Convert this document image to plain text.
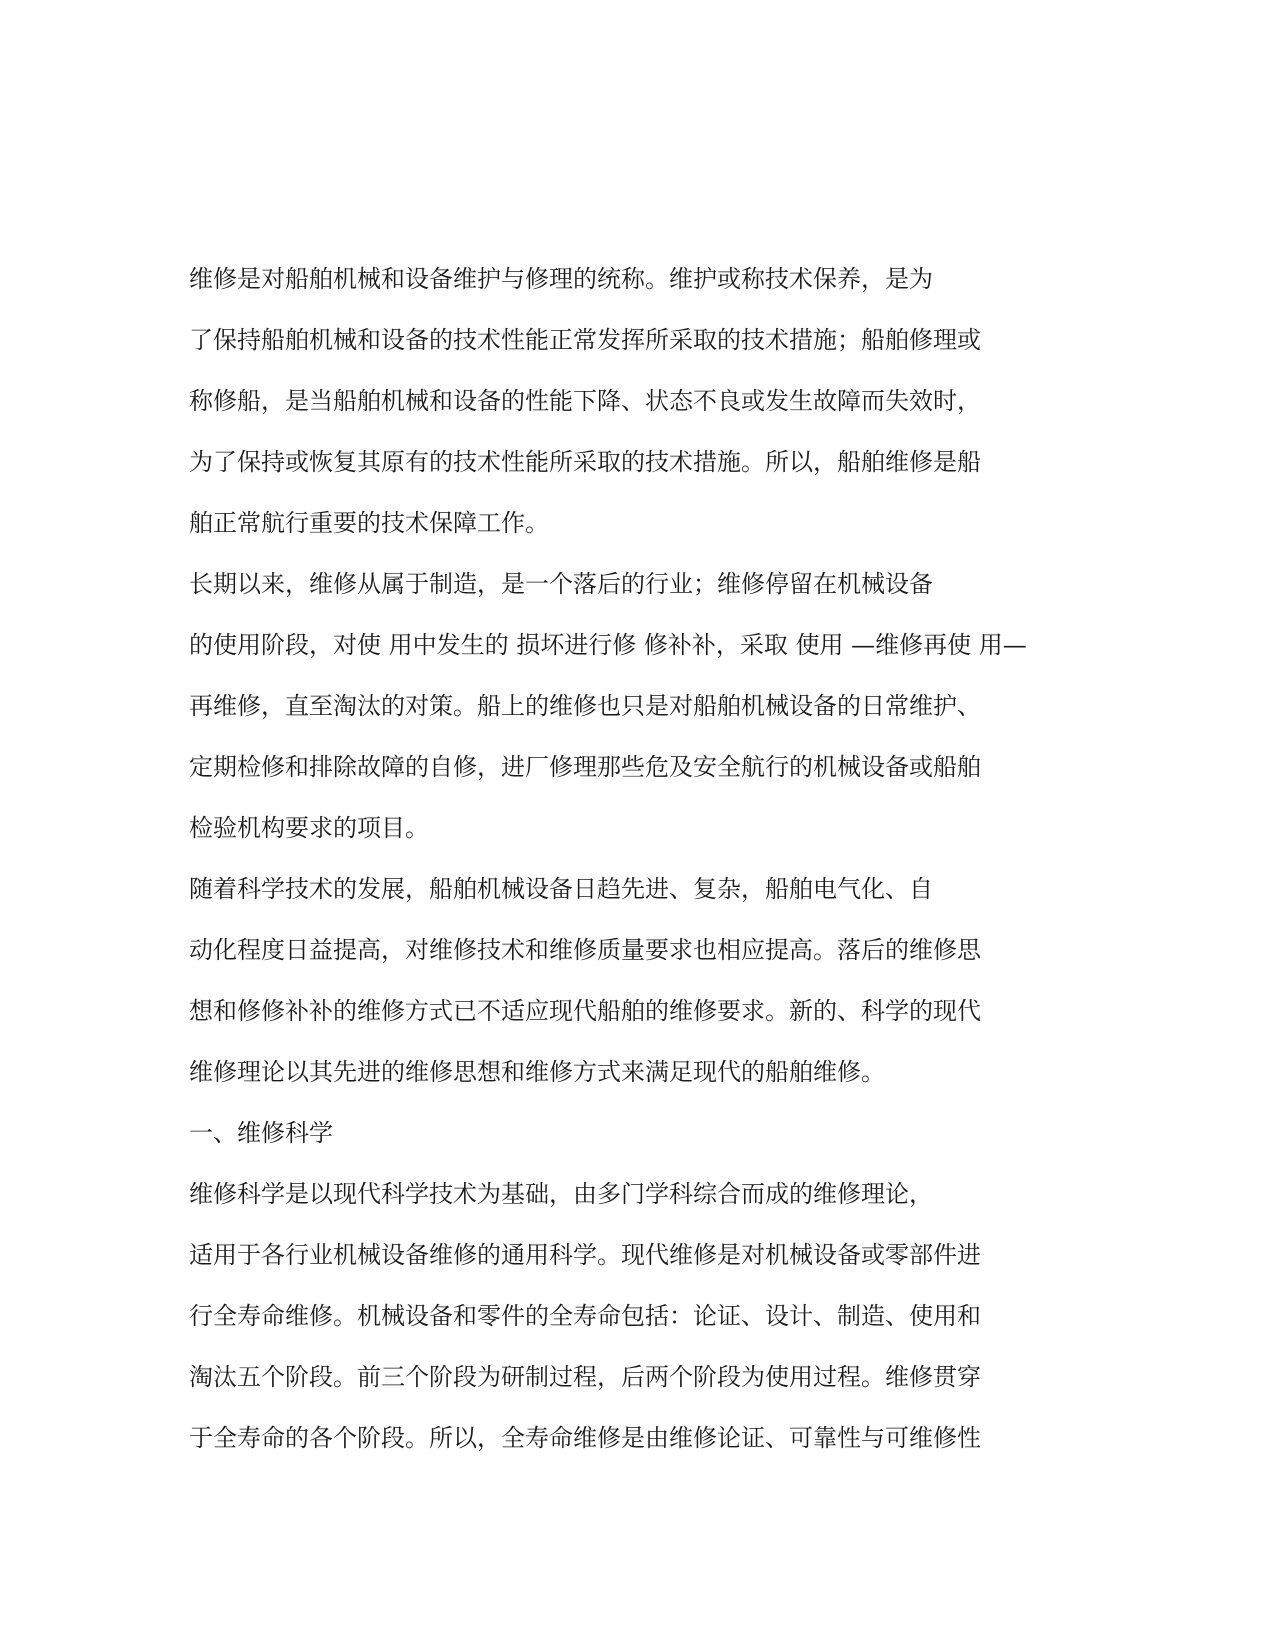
维修是对船舶机械和设备维护与修理的统称。维护或称技术保养，是为
了保持船舶机械和设备的技术性能正常发挥所采取的技术措施；船舶修理或
称修船，是当船舶机械和设备的性能下降、状态不良或发生故障而失效时，
为了保持或恢复其原有的技术性能所采取的技术措施。所以，船舶维修是船
舶正常航行重要的技术保障工作。
长期以来，维修从属于制造，是一个落后的行业；维修停留在机械设备
的使用阶段，对使 用中发生的 损坏进行修 修补补，采取 使用 —维修再使 用—
再维修，直至淘汰的对策。船上的维修也只是对船舶机械设备的日常维护、
定期检修和排除故障的自修，进厂修理那些危及安全航行的机械设备或船舶
检验机构要求的项目。
随着科学技术的发展，船舶机械设备日趋先进、复杂，船舶电气化、自
动化程度日益提高，对维修技术和维修质量要求也相应提高。落后的维修思
想和修修补补的维修方式已不适应现代船舶的维修要求。新的、科学的现代
维修理论以其先进的维修思想和维修方式来满足现代的船舶维修。
一、维修科学
维修科学是以现代科学技术为基础，由多门学科综合而成的维修理论，
适用于各行业机械设备维修的通用科学。现代维修是对机械设备或零部件进
行全寿命维修。机械设备和零件的全寿命包括：论证、设计、制造、使用和
淘汰五个阶段。前三个阶段为研制过程，后两个阶段为使用过程。维修贯穿
于全寿命的各个阶段。所以，全寿命维修是由维修论证、可靠性与可维修性
